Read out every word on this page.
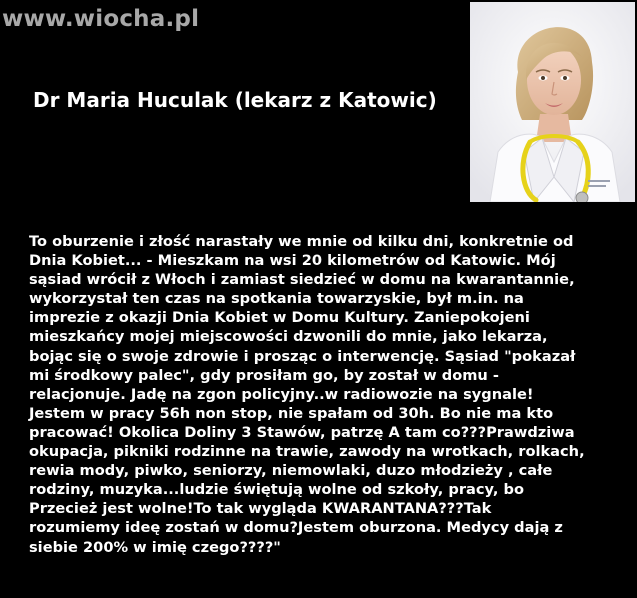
www.wiocha.pl
Dr Maria Huculak (lekarz z Katowic)
To oburzenie i złość narastały we mnie od kilku dni, konkretnie od
Dnia Kobiet... - Mieszkam na wsi 20 kilometrów od Katowic. Mój
sąsiad wrócił z Włoch i zamiast siedzieć w domu na kwarantannie,
wykorzystał ten czas na spotkania towarzyskie, był m.in. na
imprezie z okazji Dnia Kobiet w Domu Kultury. Zaniepokojeni
mieszkańcy mojej miejscowości dzwonili do mnie, jako lekarza,
bojąc się o swoje zdrowie i prosząc o interwencję. Sąsiad "pokazał
mi środkowy palec", gdy prosiłam go, by został w domu -
relacjonuje. Jadę na zgon policyjny..w radiowozie na sygnale!
Jestem w pracy 56h non stop, nie spałam od 30h. Bo nie ma kto
pracować! Okolica Doliny 3 Stawów, patrzę A tam co???Prawdziwa
okupacja, pikniki rodzinne na trawie, zawody na wrotkach, rolkach,
rewia mody, piwko, seniorzy, niemowlaki, duzo młodzieży , całe
rodziny, muzyka...ludzie świętują wolne od szkoły, pracy, bo
Przecież jest wolne!To tak wygląda KWARANTANA???Tak
rozumiemy ideę zostań w domu?Jestem oburzona. Medycy dają z
siebie 200% w imię czego????"
